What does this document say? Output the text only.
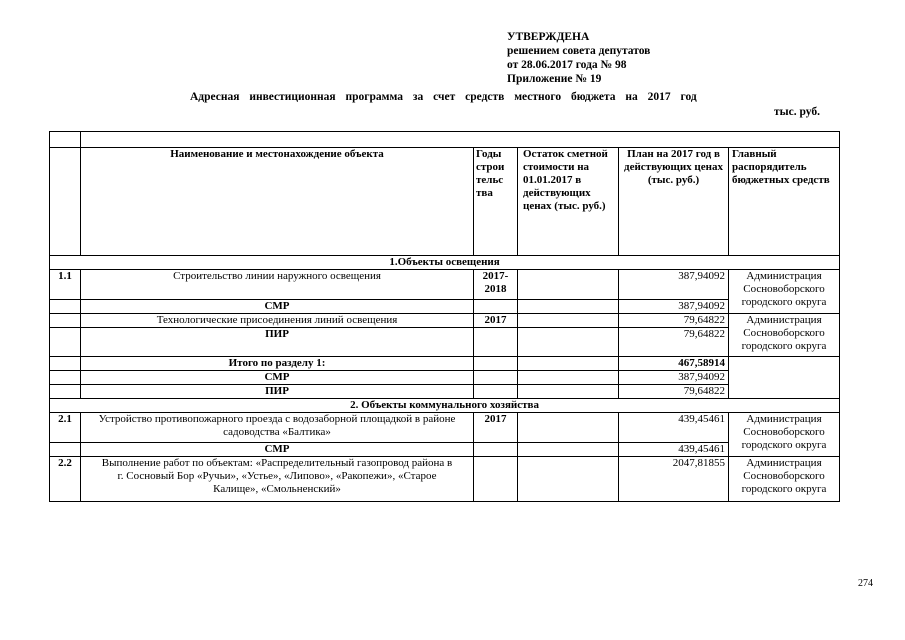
УТВЕРЖДЕНА
решением совета депутатов
от 28.06.2017 года № 98
Приложение № 19
Адресная инвестиционная программа за счет средств местного бюджета на 2017 год
тыс. руб.

	Наименование и местонахождение объекта	Годы строи тельс тва	Остаток сметной стоимости на 01.01.2017 в действующих ценах (тыс. руб.)	План на 2017 год в действующих ценах (тыс. руб.)	Главный распорядитель бюджетных средств
1.Объекты освещения					
1.1	Строительство линии наружного освещения	2017-2018		387,94092	Администрация Сосновоборского городского округа
	СМР			387,94092	
	Технологические присоединения линий освещения	2017		79,64822	Администрация Сосновоборского городского округа
	ПИР			79,64822	
	Итого по разделу 1:			467,58914	
	СМР			387,94092	
	ПИР			79,64822	
2. Объекты коммунального хозяйства					
2.1	Устройство противопожарного проезда с водозаборной площадкой в районе садоводства «Балтика»	2017		439,45461	Администрация Сосновоборского городского округа
	СМР			439,45461	
2.2	Выполнение работ по объектам: «Распределительный газопровод района в г. Сосновый Бор «Ручьи», «Устье», «Липово», «Ракопежи», «Старое Калище», «Смольненский»			2047,81855	Администрация Сосновоборского городского округа
274
